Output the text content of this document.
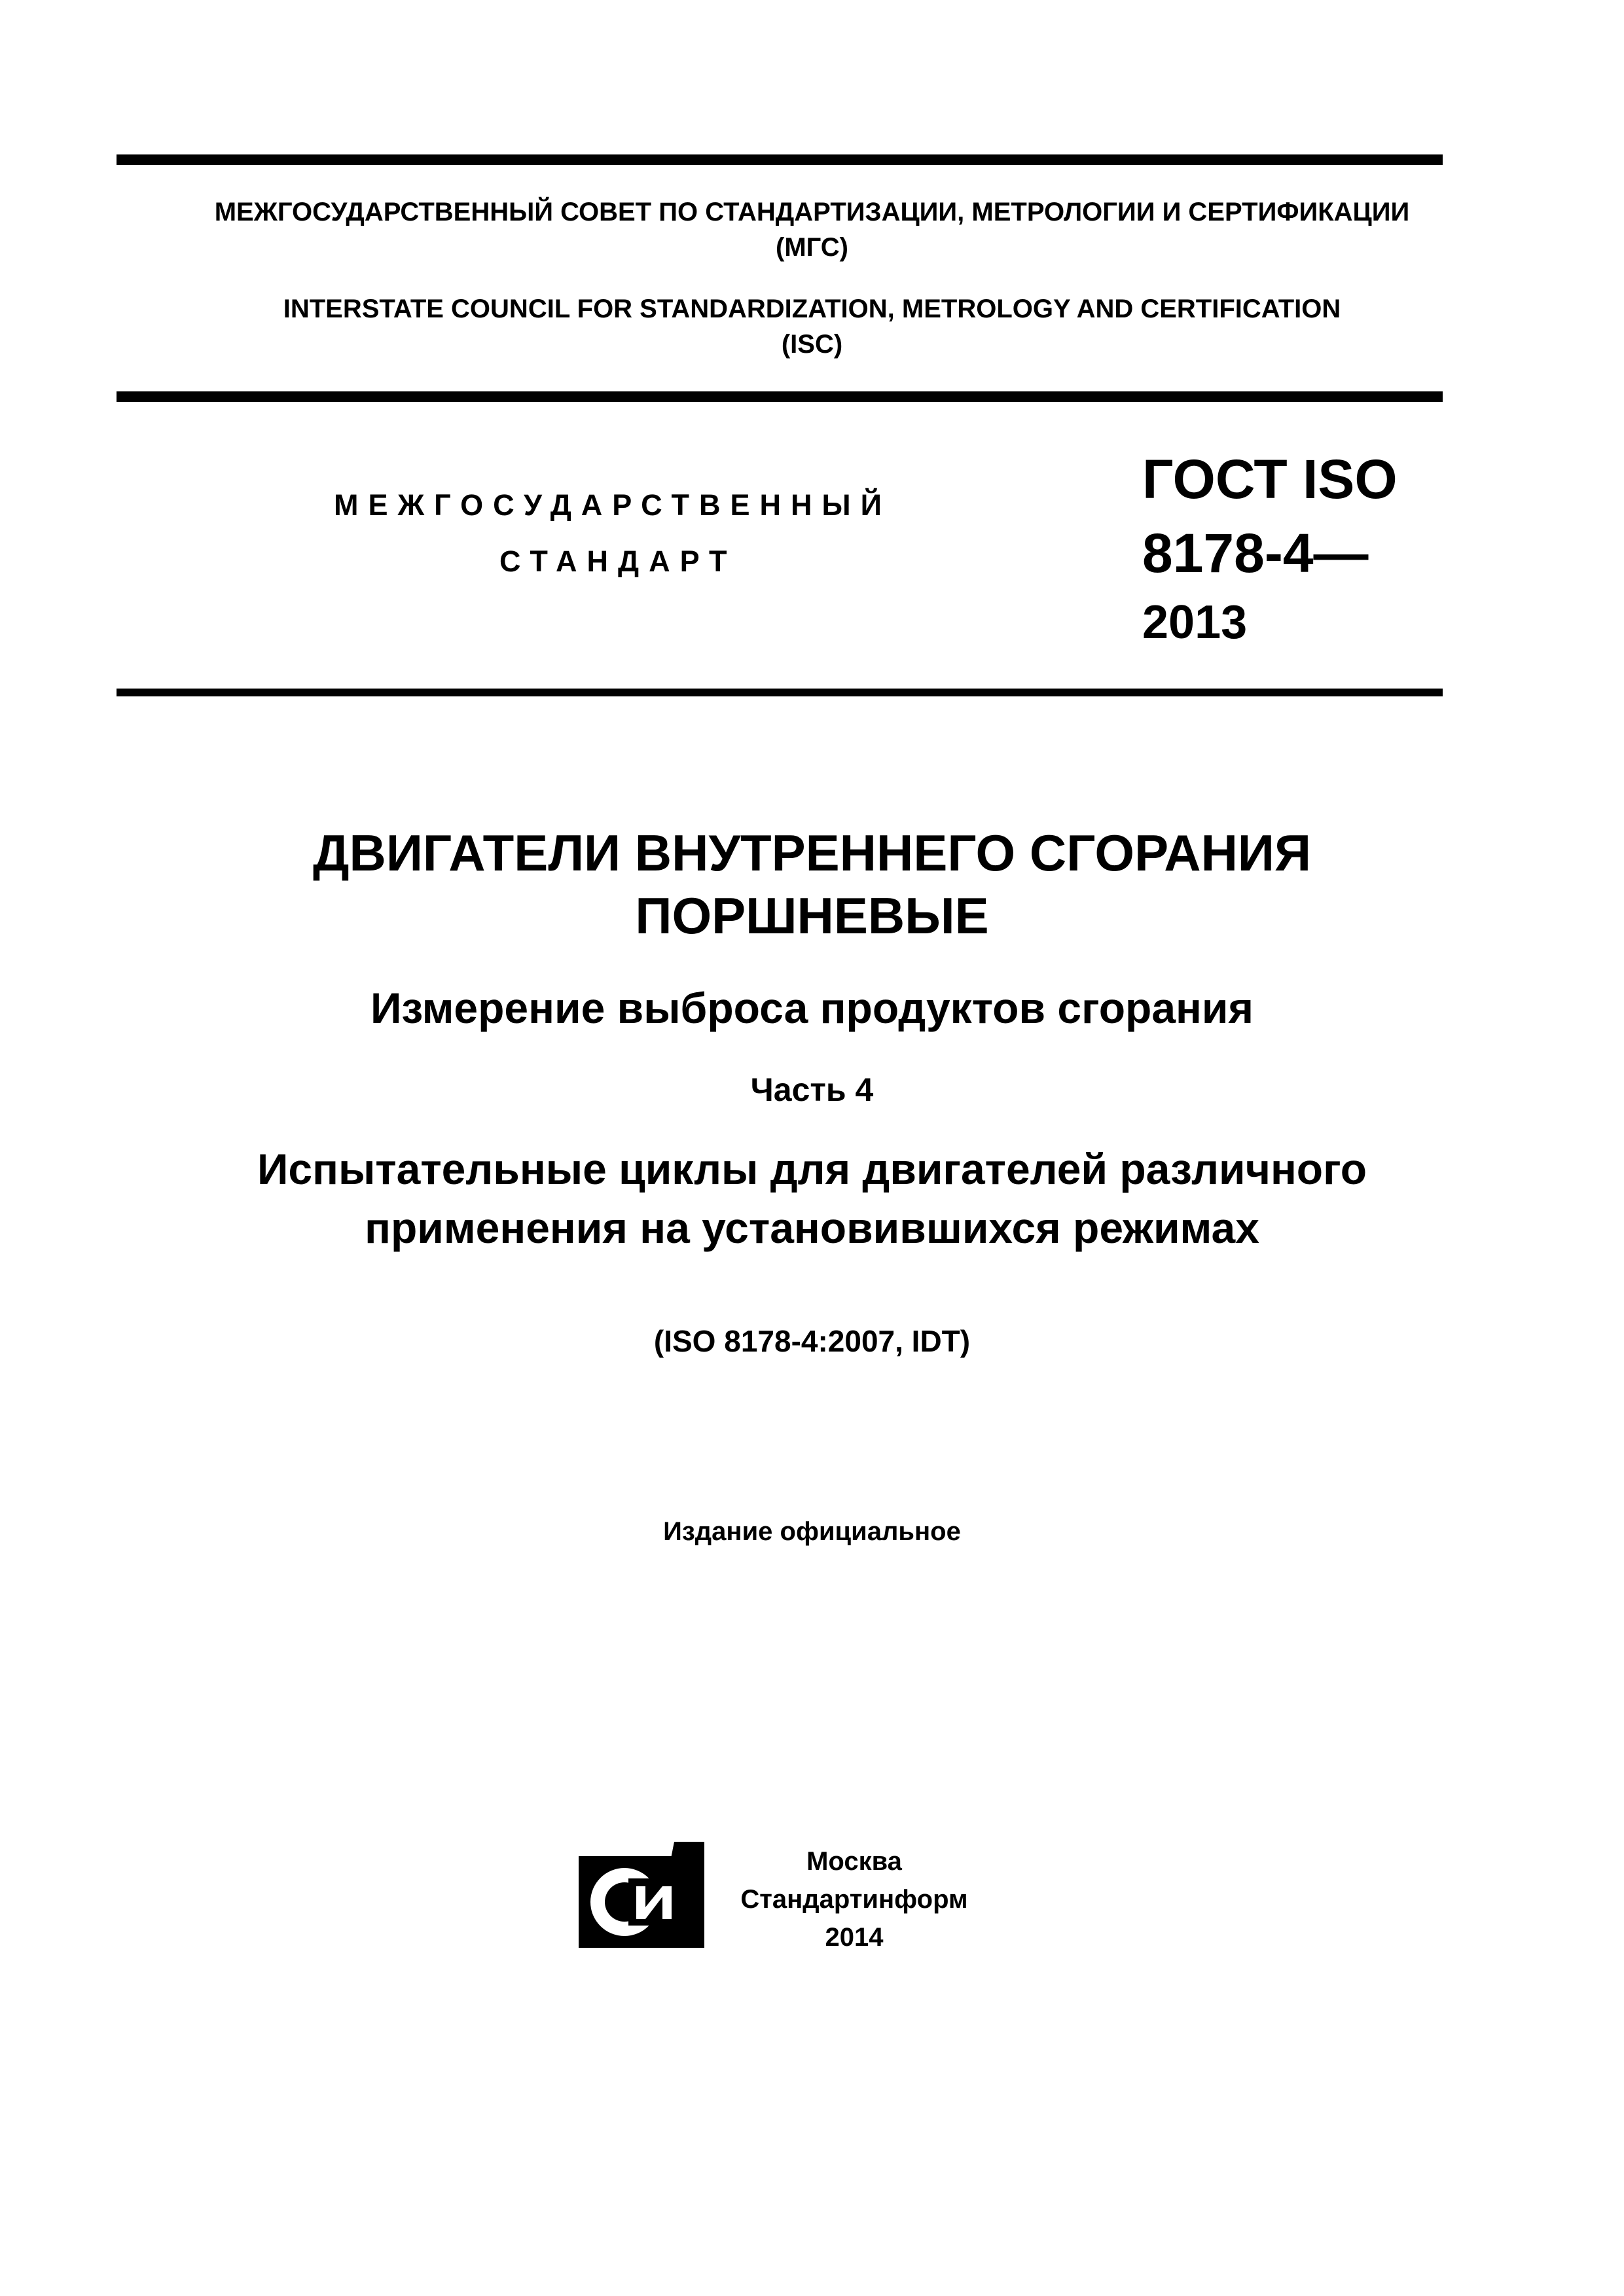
МЕЖГОСУДАРСТВЕННЫЙ СОВЕТ ПО СТАНДАРТИЗАЦИИ, МЕТРОЛОГИИ И СЕРТИФИКАЦИИ
(МГС)
INTERSTATE COUNCIL FOR STANDARDIZATION, METROLOGY AND CERTIFICATION
(ISC)
МЕЖГОСУДАРСТВЕННЫЙ
СТАНДАРТ
ГОСТ ISO
8178-4—
2013
ДВИГАТЕЛИ ВНУТРЕННЕГО СГОРАНИЯ
ПОРШНЕВЫЕ
Измерение выброса продуктов сгорания
Часть 4
Испытательные циклы для двигателей различного
применения на установившихся режимах
(ISO 8178-4:2007, IDT)
Издание официальное
Москва
Стандартинформ
2014
